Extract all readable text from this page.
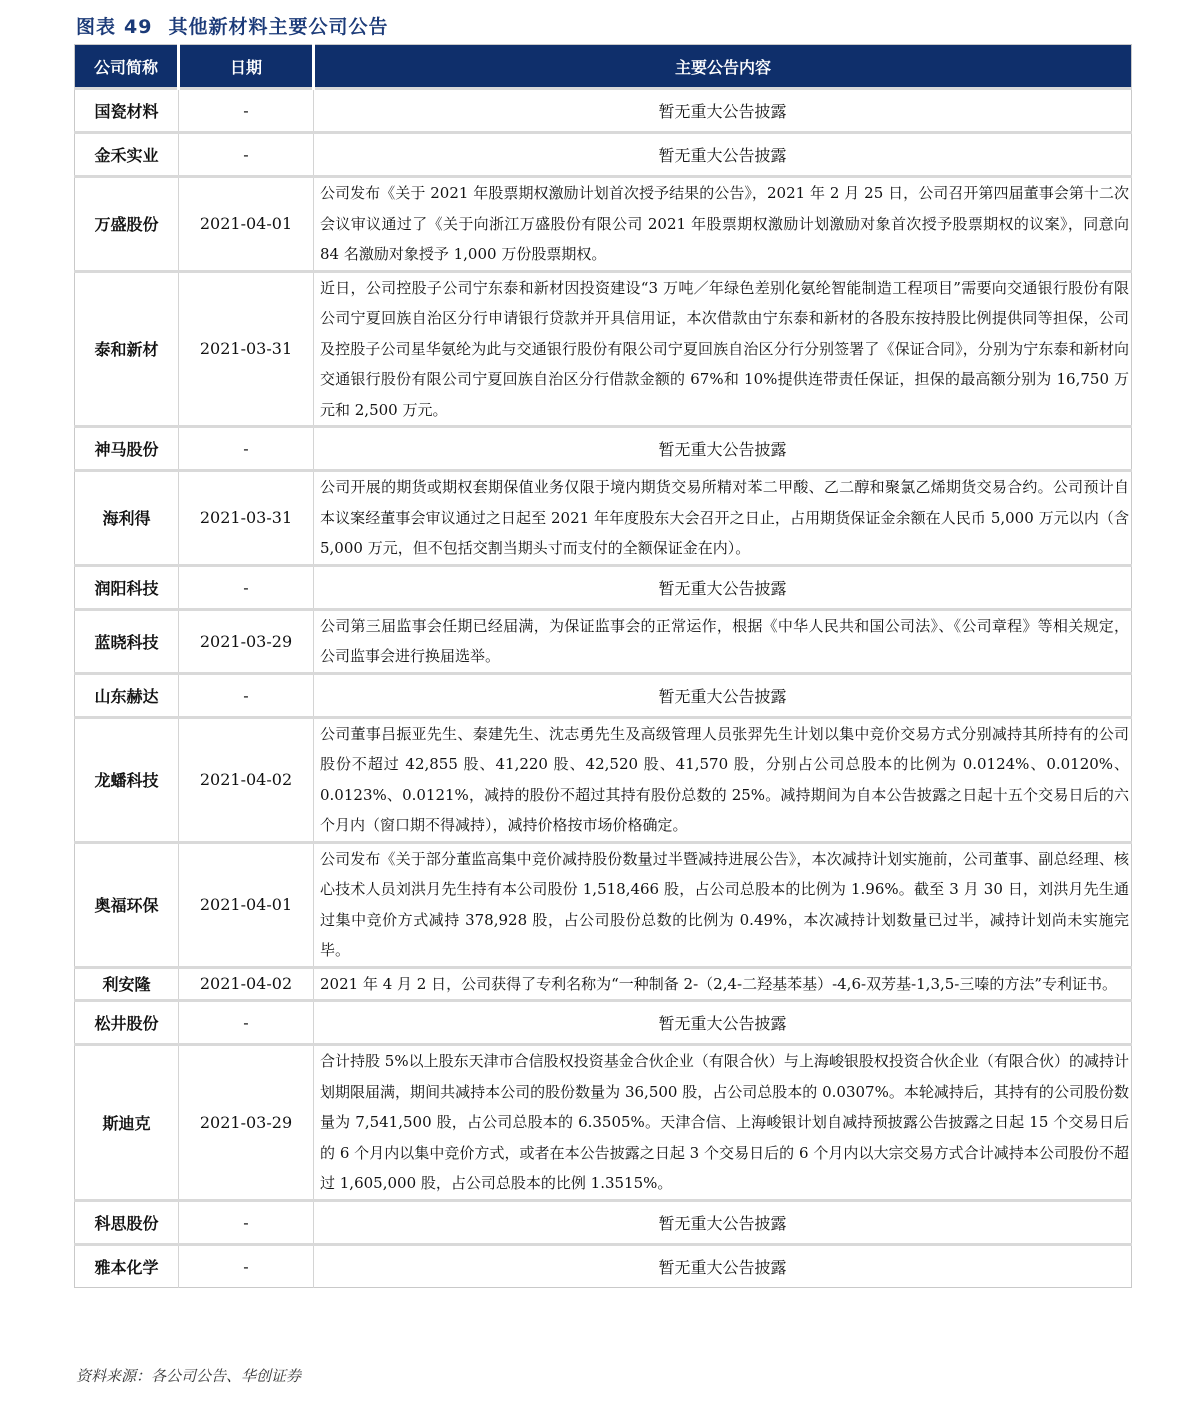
图表 49 其他新材料主要公司公告
公司简称	日期	主要公告内容
国瓷材料	-	暂无重大公告披露
金禾实业	-	暂无重大公告披露
万盛股份	2021-04-01	公司发布《关于 2021 年股票期权激励计划首次授予结果的公告》，2021 年 2 月 25 日，公司召开第四届董事会第十二次会议审议通过了《关于向浙江万盛股份有限公司 2021 年股票期权激励计划激励对象首次授予股票期权的议案》，同意向 84 名激励对象授予 1,000 万份股票期权。
泰和新材	2021-03-31	近日，公司控股子公司宁东泰和新材因投资建设“3 万吨／年绿色差别化氨纶智能制造工程项目”需要向交通银行股份有限公司宁夏回族自治区分行申请银行贷款并开具信用证，本次借款由宁东泰和新材的各股东按持股比例提供同等担保，公司及控股子公司星华氨纶为此与交通银行股份有限公司宁夏回族自治区分行分别签署了《保证合同》，分别为宁东泰和新材向交通银行股份有限公司宁夏回族自治区分行借款金额的 67%和 10%提供连带责任保证，担保的最高额分别为 16,750 万元和 2,500 万元。
神马股份	-	暂无重大公告披露
海利得	2021-03-31	公司开展的期货或期权套期保值业务仅限于境内期货交易所精对苯二甲酸、乙二醇和聚氯乙烯期货交易合约。公司预计自本议案经董事会审议通过之日起至 2021 年年度股东大会召开之日止，占用期货保证金余额在人民币 5,000 万元以内（含 5,000 万元，但不包括交割当期头寸而支付的全额保证金在内）。
润阳科技	-	暂无重大公告披露
蓝晓科技	2021-03-29	公司第三届监事会任期已经届满，为保证监事会的正常运作，根据《中华人民共和国公司法》、《公司章程》等相关规定，公司监事会进行换届选举。
山东赫达	-	暂无重大公告披露
龙蟠科技	2021-04-02	公司董事吕振亚先生、秦建先生、沈志勇先生及高级管理人员张羿先生计划以集中竞价交易方式分别减持其所持有的公司股份不超过 42,855 股、41,220 股、42,520 股、41,570 股，分别占公司总股本的比例为 0.0124%、0.0120%、0.0123%、0.0121%，减持的股份不超过其持有股份总数的 25%。减持期间为自本公告披露之日起十五个交易日后的六个月内（窗口期不得减持），减持价格按市场价格确定。
奥福环保	2021-04-01	公司发布《关于部分董监高集中竞价减持股份数量过半暨减持进展公告》，本次减持计划实施前，公司董事、副总经理、核心技术人员刘洪月先生持有本公司股份 1,518,466 股，占公司总股本的比例为 1.96%。截至 3 月 30 日，刘洪月先生通过集中竞价方式减持 378,928 股，占公司股份总数的比例为 0.49%，本次减持计划数量已过半，减持计划尚未实施完毕。
利安隆	2021-04-02	2021 年 4 月 2 日，公司获得了专利名称为“一种制备 2-（2,4-二羟基苯基）-4,6-双芳基-1,3,5-三嗪的方法”专利证书。
松井股份	-	暂无重大公告披露
斯迪克	2021-03-29	合计持股 5%以上股东天津市合信股权投资基金合伙企业（有限合伙）与上海峻银股权投资合伙企业（有限合伙）的减持计划期限届满，期间共减持本公司的股份数量为 36,500 股，占公司总股本的 0.0307%。本轮减持后，其持有的公司股份数量为 7,541,500 股，占公司总股本的 6.3505%。天津合信、上海峻银计划自减持预披露公告披露之日起 15 个交易日后的 6 个月内以集中竞价方式，或者在本公告披露之日起 3 个交易日后的 6 个月内以大宗交易方式合计减持本公司股份不超过 1,605,000 股，占公司总股本的比例 1.3515%。
科思股份	-	暂无重大公告披露
雅本化学	-	暂无重大公告披露
资料来源：各公司公告、华创证券
